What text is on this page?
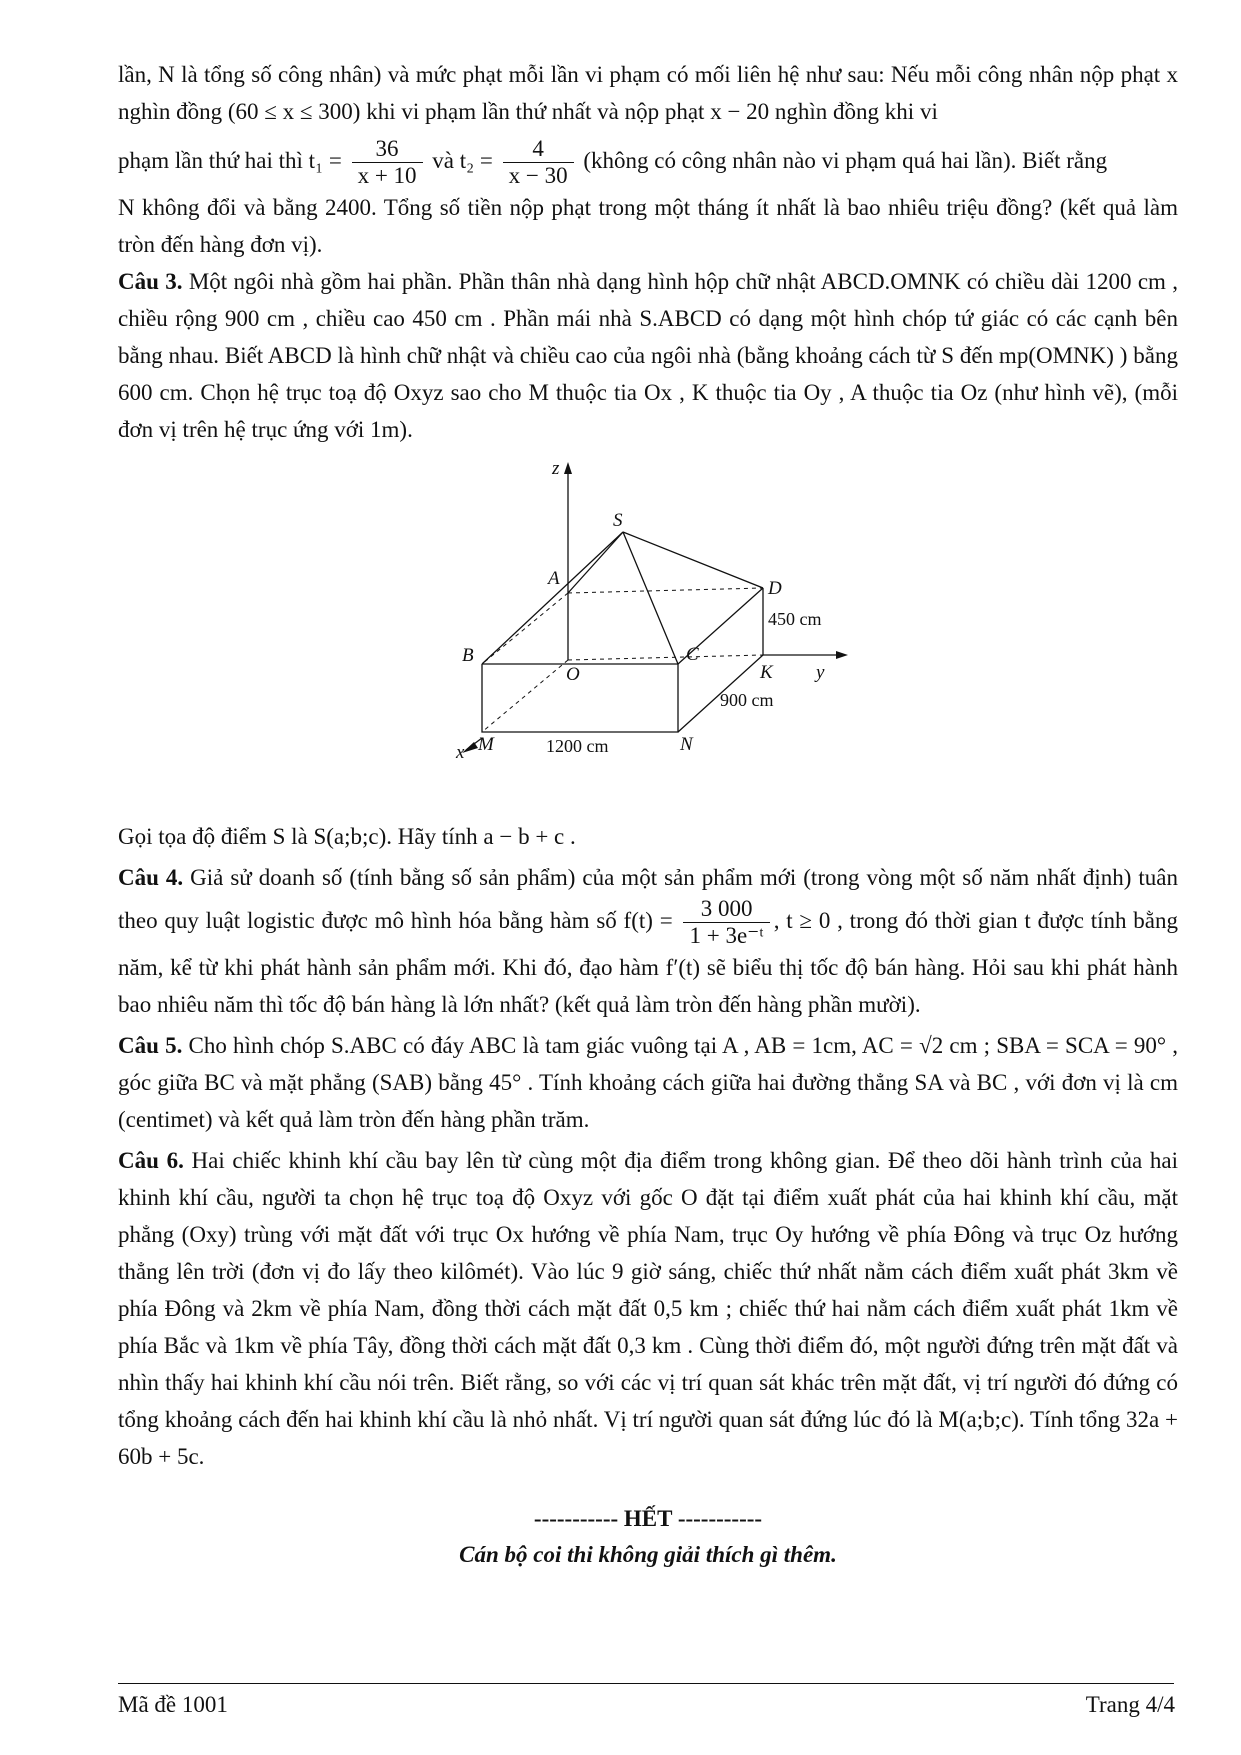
lần, N là tổng số công nhân) và mức phạt mỗi lần vi phạm có mối liên hệ như sau: Nếu mỗi công nhân nộp phạt x nghìn đồng (60 ≤ x ≤ 300) khi vi phạm lần thứ nhất và nộp phạt x − 20 nghìn đồng khi vi

phạm lần thứ hai thì $t_1 = \frac{36}{x + 10}$ và $t_2 = \frac{4}{x - 30}$ (không có công nhân nào vi phạm quá hai lần). Biết rằng

N không đổi và bằng 2400. Tổng số tiền nộp phạt trong một tháng ít nhất là bao nhiêu triệu đồng? (kết quả làm tròn đến hàng đơn vị).

Câu 3. Một ngôi nhà gồm hai phần. Phần thân nhà dạng hình hộp chữ nhật ABCD.OMNK có chiều dài 1200 cm , chiều rộng 900 cm , chiều cao 450 cm . Phần mái nhà S.ABCD có dạng một hình chóp tứ giác có các cạnh bên bằng nhau. Biết ABCD là hình chữ nhật và chiều cao của ngôi nhà (bằng khoảng cách từ S đến mp(OMNK) ) bằng 600 cm. Chọn hệ trục toạ độ Oxyz sao cho M thuộc tia Ox , K thuộc tia Oy , A thuộc tia Oz (như hình vẽ), (mỗi đơn vị trên hệ trục ứng với 1m).

z
S
A	D
B	C
O	K y
M	N
x
450 cm
900 cm
1200 cm

Gọi tọa độ điểm S là S(a;b;c). Hãy tính a − b + c .

Câu 4. Giả sử doanh số (tính bằng số sản phẩm) của một sản phẩm mới (trong vòng một số năm nhất định) tuân theo quy luật logistic được mô hình hóa bằng hàm số $f(t) = \frac{3 000}{\text{1 + 3e⁻ᵗ}}$ , t ≥ 0 , trong đó thời gian t được tính bằng năm, kể từ khi phát hành sản phẩm mới. Khi đó, đạo hàm f′(t) sẽ biểu thị tốc độ bán hàng. Hỏi sau khi phát hành bao nhiêu năm thì tốc độ bán hàng là lớn nhất? (kết quả làm tròn đến hàng phần mười).

Câu 5. Cho hình chóp S.ABC có đáy ABC là tam giác vuông tại A , AB = 1cm, AC = √2 cm ; SBA = SCA = 90° , góc giữa BC và mặt phẳng (SAB) bằng 45° . Tính khoảng cách giữa hai đường thẳng SA và BC , với đơn vị là cm (centimet) và kết quả làm tròn đến hàng phần trăm.

Câu 6. Hai chiếc khinh khí cầu bay lên từ cùng một địa điểm trong không gian. Để theo dõi hành trình của hai khinh khí cầu, người ta chọn hệ trục toạ độ Oxyz với gốc O đặt tại điểm xuất phát của hai khinh khí cầu, mặt phẳng (Oxy) trùng với mặt đất với trục Ox hướng về phía Nam, trục Oy hướng về phía Đông và trục Oz hướng thẳng lên trời (đơn vị đo lấy theo kilômét). Vào lúc 9 giờ sáng, chiếc thứ nhất nằm cách điểm xuất phát 3km về phía Đông và 2km về phía Nam, đồng thời cách mặt đất 0,5 km ; chiếc thứ hai nằm cách điểm xuất phát 1km về phía Bắc và 1km về phía Tây, đồng thời cách mặt đất 0,3 km . Cùng thời điểm đó, một người đứng trên mặt đất và nhìn thấy hai khinh khí cầu nói trên. Biết rằng, so với các vị trí quan sát khác trên mặt đất, vị trí người đó đứng có tổng khoảng cách đến hai khinh khí cầu là nhỏ nhất. Vị trí người quan sát đứng lúc đó là M(a;b;c). Tính tổng 32a + 60b + 5c.

----------- HẾT -----------
Cán bộ coi thi không giải thích gì thêm.
Mã đề 1001	Trang 4/4
